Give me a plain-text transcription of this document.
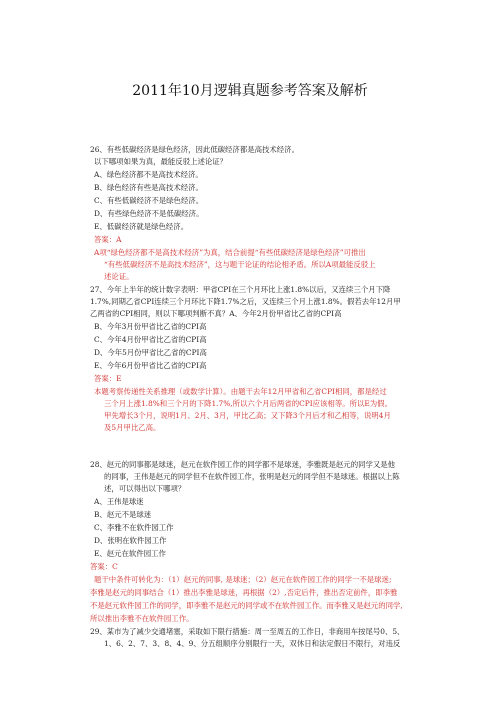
2011年10月逻辑真题参考答案及解析
26、有些低碳经济是绿色经济，因此低碳经济都是高技术经济。
以下哪项如果为真，最能反驳上述论证？
A、绿色经济都不是高技术经济。
B、绿色经济有些是高技术经济。
C、有些低碳经济不是绿色经济。
D、有些绿色经济不是低碳经济。
E、低碳经济就是绿色经济。
答案：A
A项“绿色经济都不是高技术经济”为真，结合前提“有些低碳经济是绿色经济”可推出
“有些低碳经济不是高技术经济”，这与题干论证的结论相矛盾。所以A项最能反驳上
述论证。
27、今年上半年的统计数字表明：甲省CPI在三个月环比上涨1.8%以后，又连续三个月下降
1.7%,同期乙省CPI连续三个月环比下降1.7%之后，又连续三个月上涨1.8%。假若去年12月甲
乙两省的CPI相同，则以下哪项判断不真？A、今年2月份甲省比乙省的CPI高
B、今年3月份甲省比乙省的CPI高
C、今年4月份甲省比乙省的CPI高
D、今年5月份甲省比乙省的CPI高
E、今年6月份甲省比乙省的CPI高
答案：E
本题考察传递性关系推理（或数学计算）。由题干去年12月甲省和乙省CPI相同，都是经过
三个月上涨1.8%和三个月的下降1.7%,所以六个月后两省的CPI应该相等。所以E为假。
甲先增长3个月，说明1月、2月、3月，甲比乙高；又下降3个月后才和乙相等，说明4月
及5月甲比乙高。
28、赵元的同事都是球迷，赵元在软件园工作的同学都不是球迷，李雅既是赵元的同学又是他
的同事，王伟是赵元的同学但不在软件园工作，张明是赵元的同学但不是球迷。根据以上陈
述，可以得出以下哪项？
A、王伟是球迷
B、赵元不是球迷
C、李雅不在软件园工作
D、张明在软件园工作
E、赵元在软件园工作
答案：C
题干中条件可转化为：（1）赵元的同事, 是球迷；（2）赵元在软件园工作的同学一不是球迷;
李雅是赵元的同事结合（1）推出李雅是球迷，再根据（2）,否定后件，推出否定前件，即李雅
不是赵元软件园工作的同学，即李雅不是赵元的同学或不在软件园工作。而李雅又是赵元的同学,
所以推出李雅不在软件园工作。
29、某市为了减少交通堵塞，采取如下限行措施：周一至周五的工作日，非商用车按尾号0、5、
1、6、2、7、3、8、4、9、分五组顺序分别限行一天，双休日和法定假日不限行，对违反
